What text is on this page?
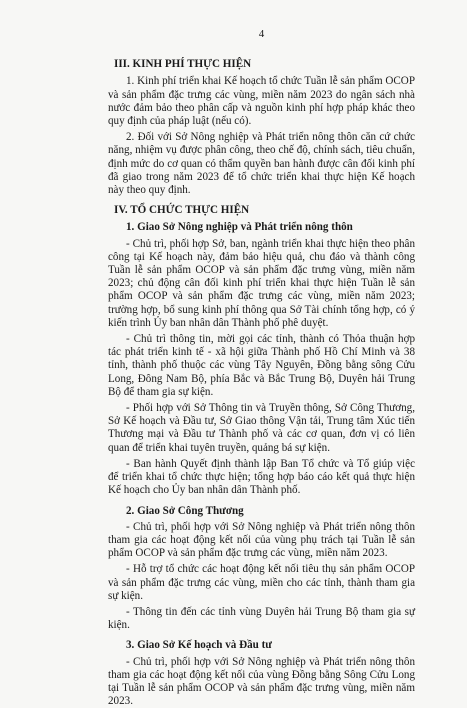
4
III. KINH PHÍ THỰC HIỆN

1. Kinh phí triển khai Kế hoạch tổ chức Tuần lễ sản phẩm OCOP và sản phẩm đặc trưng các vùng, miền năm 2023 do ngân sách nhà nước đảm bảo theo phân cấp và nguồn kinh phí hợp pháp khác theo quy định của pháp luật (nếu có).

2. Đối với Sở Nông nghiệp và Phát triển nông thôn căn cứ chức năng, nhiệm vụ được phân công, theo chế độ, chính sách, tiêu chuẩn, định mức do cơ quan có thẩm quyền ban hành được cân đối kinh phí đã giao trong năm 2023 để tổ chức triển khai thực hiện Kế hoạch này theo quy định.

IV. TỔ CHỨC THỰC HIỆN
1. Giao Sở Nông nghiệp và Phát triển nông thôn

- Chủ trì, phối hợp Sở, ban, ngành triển khai thực hiện theo phân công tại Kế hoạch này, đảm bảo hiệu quả, chu đáo và thành công Tuần lễ sản phẩm OCOP và sản phẩm đặc trưng vùng, miền năm 2023; chủ động cân đối kinh phí triển khai thực hiện Tuần lễ sản phẩm OCOP và sản phẩm đặc trưng các vùng, miền năm 2023; trường hợp, bổ sung kinh phí thông qua Sở Tài chính tổng hợp, có ý kiến trình Ủy ban nhân dân Thành phố phê duyệt.

- Chủ trì thông tin, mời gọi các tỉnh, thành có Thỏa thuận hợp tác phát triển kinh tế - xã hội giữa Thành phố Hồ Chí Minh và 38 tỉnh, thành phố thuộc các vùng Tây Nguyên, Đồng bằng sông Cửu Long, Đông Nam Bộ, phía Bắc và Bắc Trung Bộ, Duyên hải Trung Bộ để tham gia sự kiện.

- Phối hợp với Sở Thông tin và Truyền thông, Sở Công Thương, Sở Kế hoạch và Đầu tư, Sở Giao thông Vận tải, Trung tâm Xúc tiến Thương mại và Đầu tư Thành phố và các cơ quan, đơn vị có liên quan để triển khai tuyên truyền, quảng bá sự kiện.

- Ban hành Quyết định thành lập Ban Tổ chức và Tổ giúp việc để triển khai tổ chức thực hiện; tổng hợp báo cáo kết quả thực hiện Kế hoạch cho Ủy ban nhân dân Thành phố.

2. Giao Sở Công Thương

- Chủ trì, phối hợp với Sở Nông nghiệp và Phát triển nông thôn tham gia các hoạt động kết nối của vùng phụ trách tại Tuần lễ sản phẩm OCOP và sản phẩm đặc trưng các vùng, miền năm 2023.

- Hỗ trợ tổ chức các hoạt động kết nối tiêu thụ sản phẩm OCOP và sản phẩm đặc trưng các vùng, miền cho các tỉnh, thành tham gia sự kiện.

- Thông tin đến các tỉnh vùng Duyên hải Trung Bộ tham gia sự kiện.

3. Giao Sở Kế hoạch và Đầu tư

- Chủ trì, phối hợp với Sở Nông nghiệp và Phát triển nông thôn tham gia các hoạt động kết nối của vùng Đồng bằng Sông Cửu Long tại Tuần lễ sản phẩm OCOP và sản phẩm đặc trưng vùng, miền năm 2023.
